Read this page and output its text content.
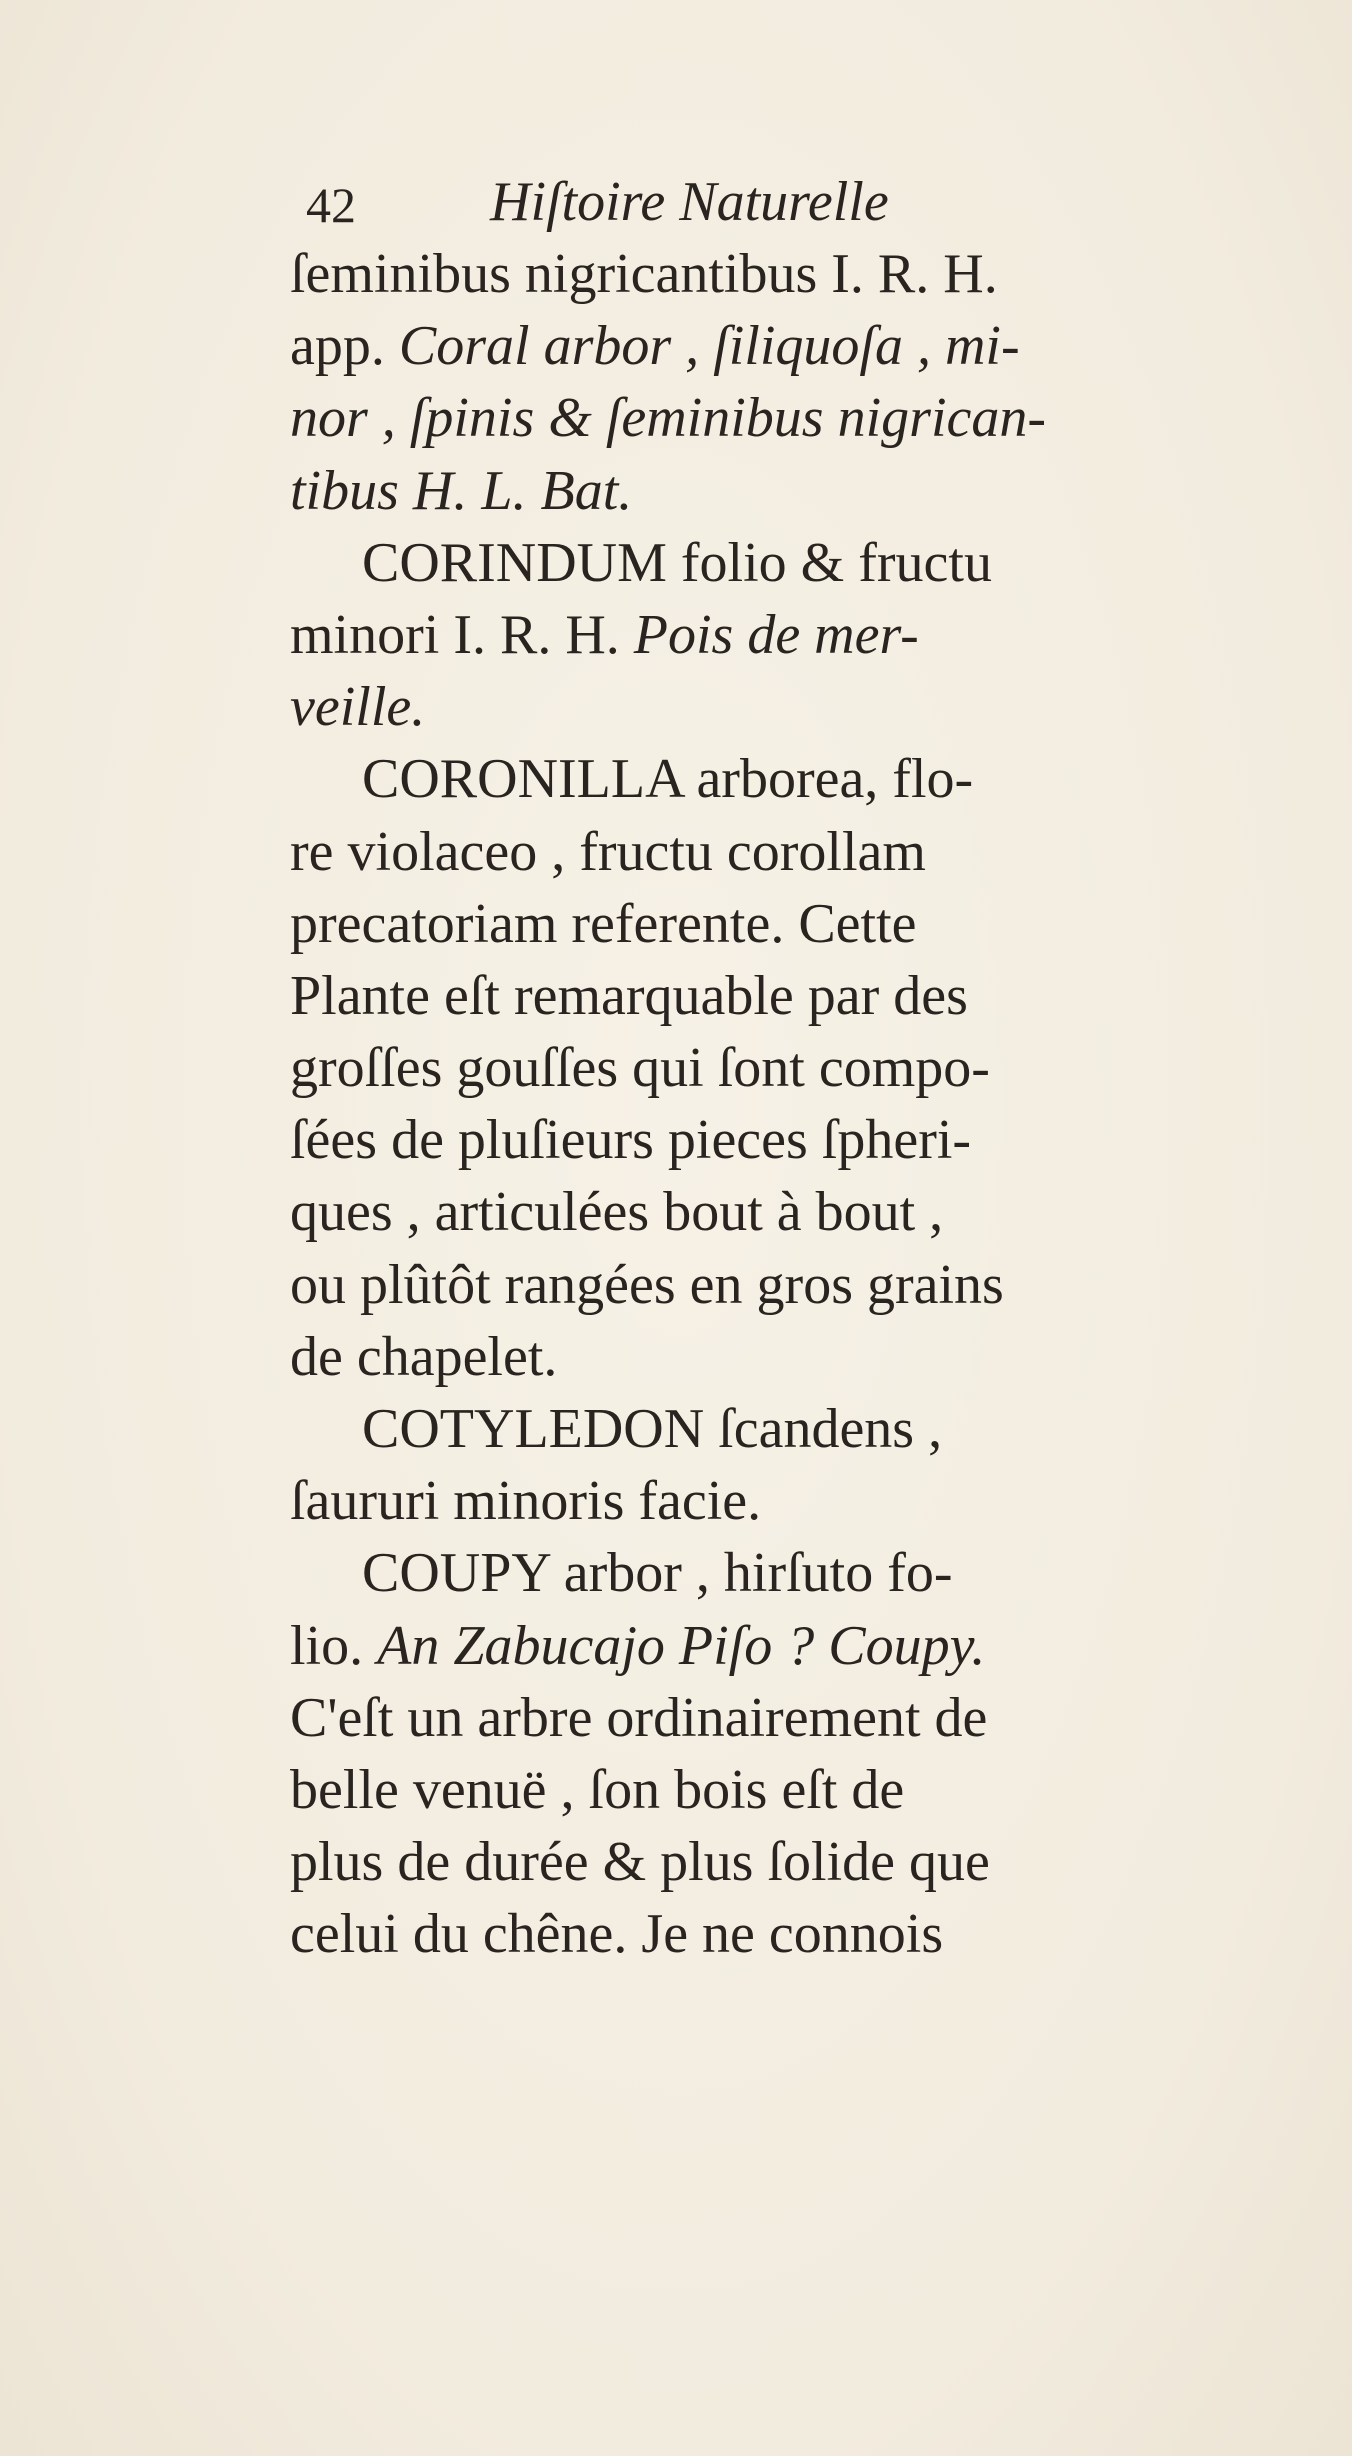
42 Hiſtoire Naturelle
ſeminibus nigricantibus I. R. H.
app. Coral arbor , ſiliquoſa , mi-
nor , ſpinis & ſeminibus nigrican-
tibus H. L. Bat.
CORINDUM folio & fructu
minori I. R. H. Pois de mer-
veille.
CORONILLA arborea, flo-
re violaceo , fructu corollam
precatoriam referente. Cette
Plante eſt remarquable par des
groſſes gouſſes qui ſont compo-
ſées de pluſieurs pieces ſpheri-
ques , articulées bout à bout ,
ou plûtôt rangées en gros grains
de chapelet.
COTYLEDON ſcandens ,
ſaururi minoris facie.
COUPY arbor , hirſuto fo-
lio. An Zabucajo Piſo ? Coupy.
C'eſt un arbre ordinairement de
belle venuë , ſon bois eſt de
plus de durée & plus ſolide que
celui du chêne. Je ne connois
